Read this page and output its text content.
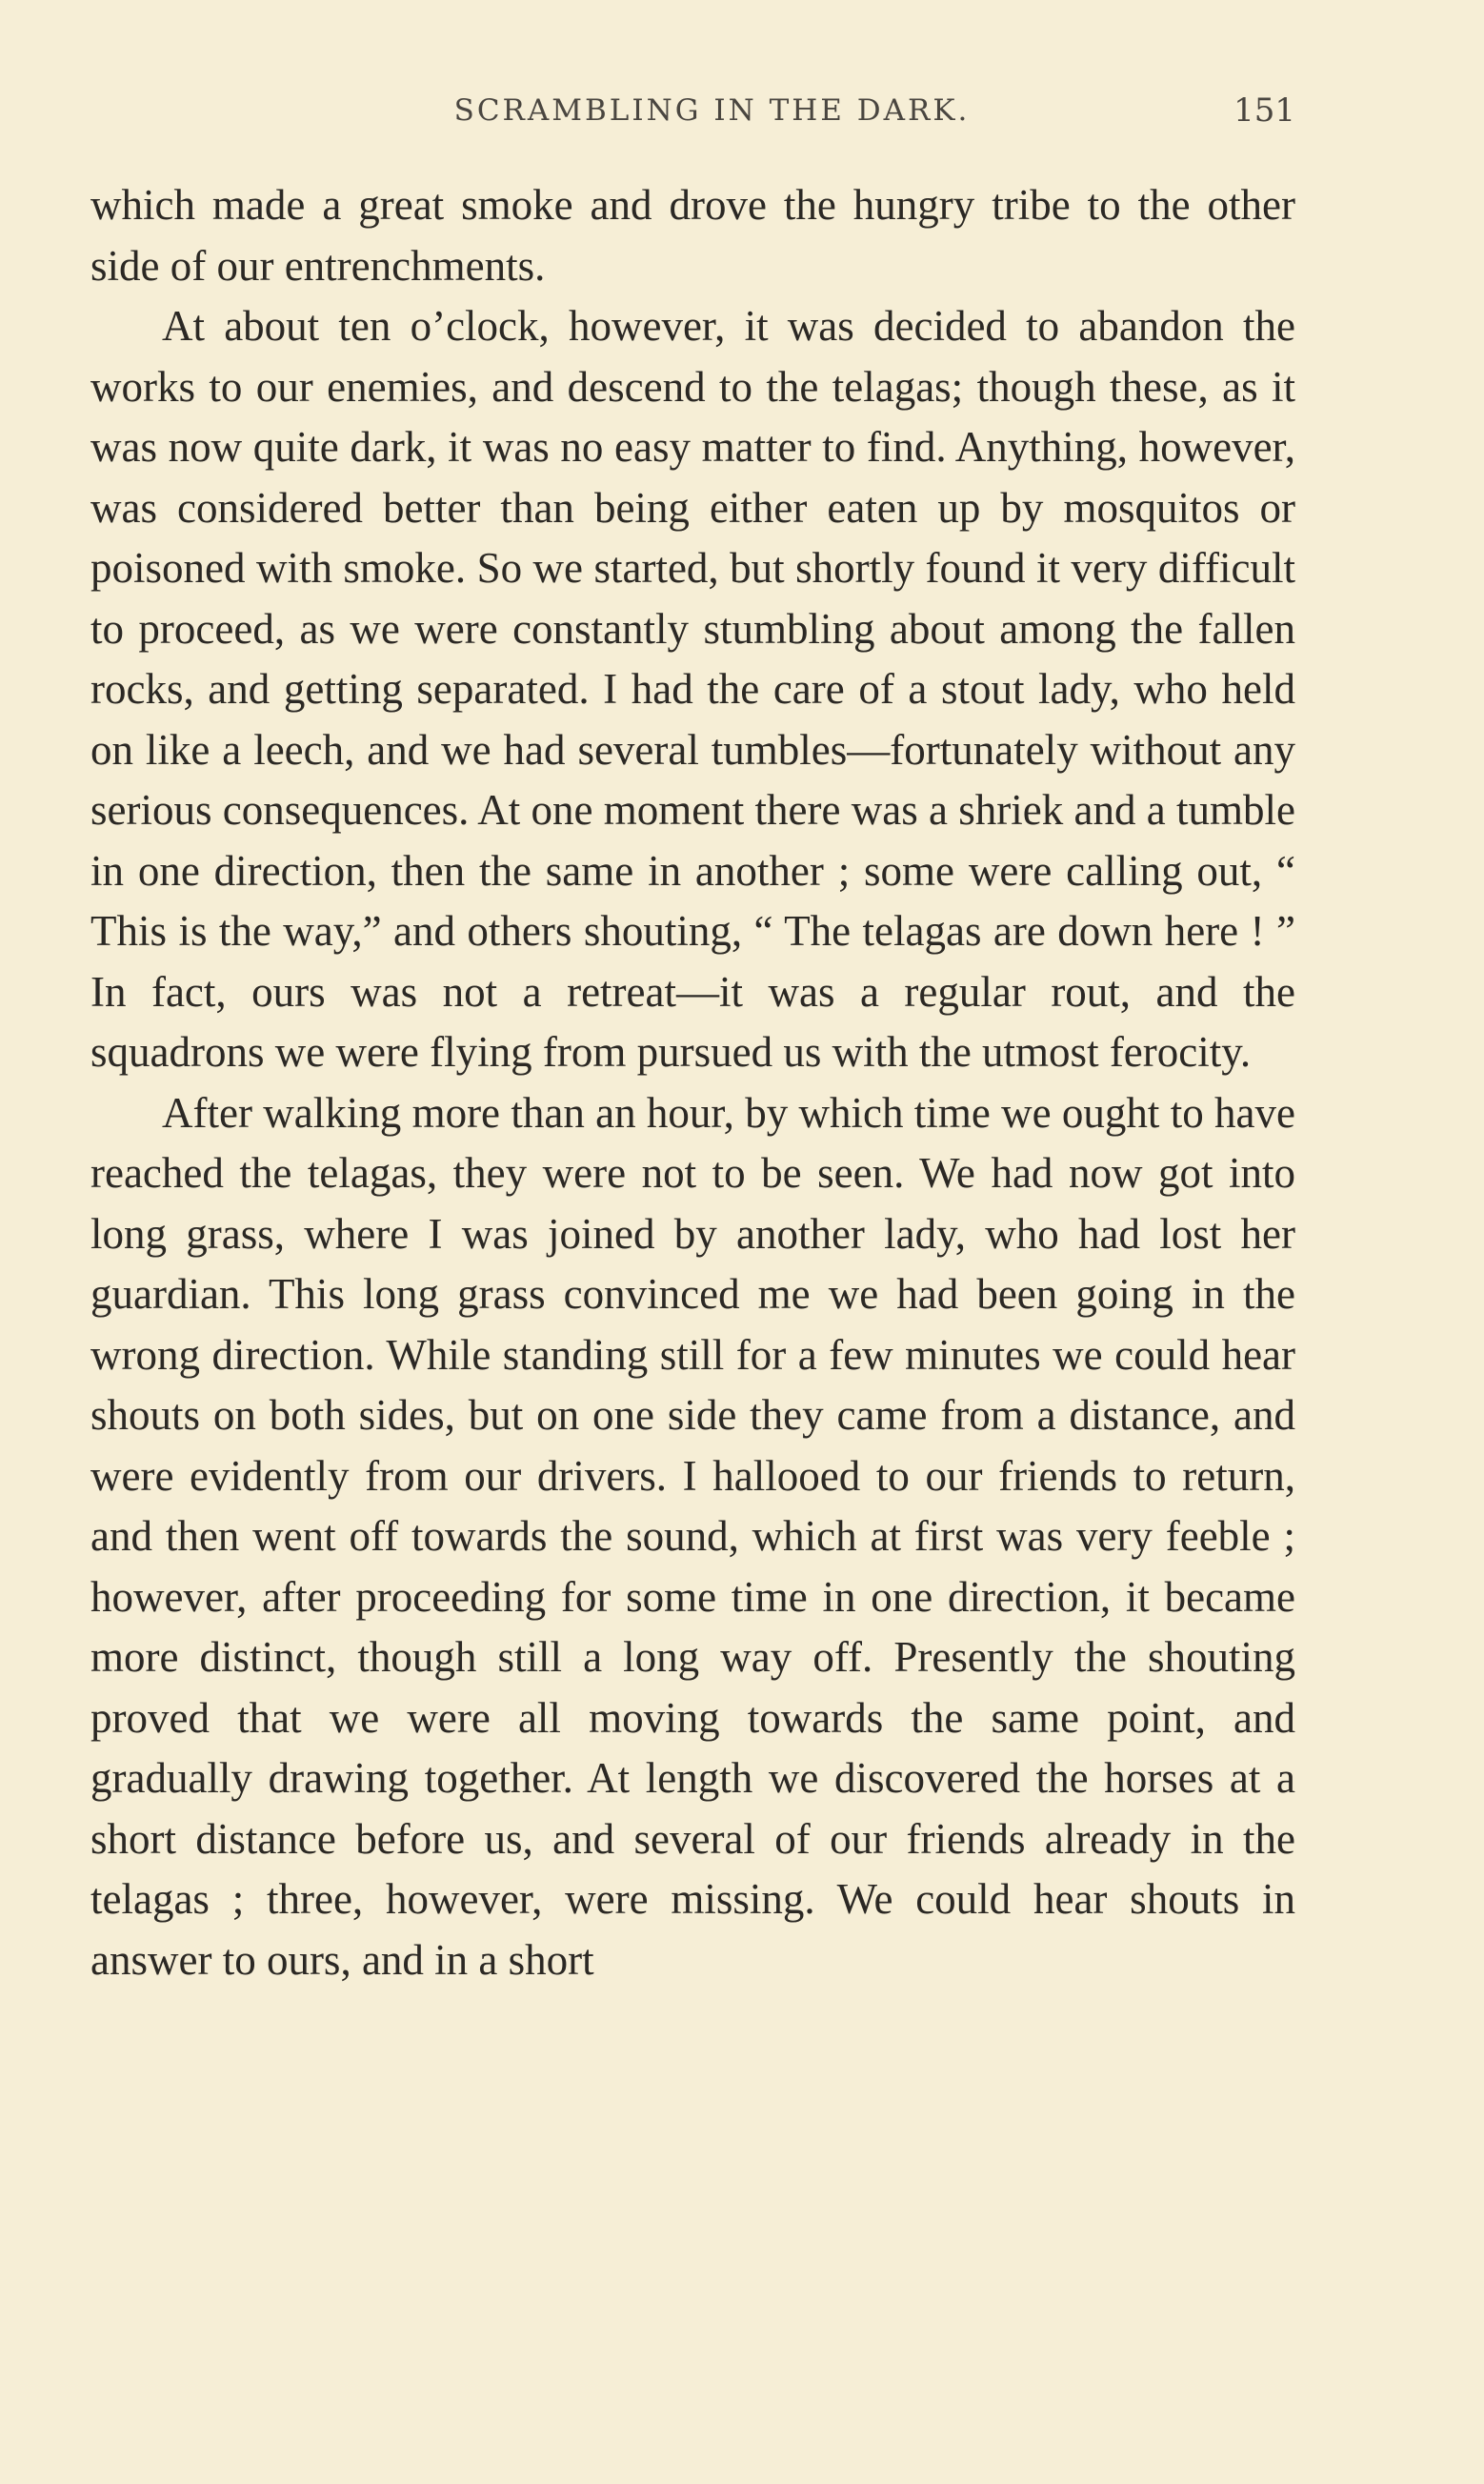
SCRAMBLING IN THE DARK.	151

which made a great smoke and drove the hungry tribe to the other side of our entrenchments.

At about ten o’clock, however, it was decided to abandon the works to our enemies, and descend to the telagas; though these, as it was now quite dark, it was no easy matter to find. Anything, however, was considered better than being either eaten up by mosquitos or poisoned with smoke. So we started, but shortly found it very difficult to proceed, as we were constantly stumbling about among the fallen rocks, and getting separated. I had the care of a stout lady, who held on like a leech, and we had several tumbles—fortunately without any serious consequences. At one moment there was a shriek and a tumble in one direction, then the same in another ; some were calling out, “ This is the way,” and others shouting, “ The telagas are down here ! ” In fact, ours was not a retreat—it was a regular rout, and the squadrons we were flying from pursued us with the utmost ferocity.

After walking more than an hour, by which time we ought to have reached the telagas, they were not to be seen. We had now got into long grass, where I was joined by another lady, who had lost her guardian. This long grass convinced me we had been going in the wrong direction. While standing still for a few minutes we could hear shouts on both sides, but on one side they came from a distance, and were evidently from our drivers. I hallooed to our friends to return, and then went off towards the sound, which at first was very feeble ; however, after proceeding for some time in one direction, it became more distinct, though still a long way off. Presently the shouting proved that we were all moving towards the same point, and gradually drawing together. At length we discovered the horses at a short distance before us, and several of our friends already in the telagas ; three, however, were missing. We could hear shouts in answer to ours, and in a short
